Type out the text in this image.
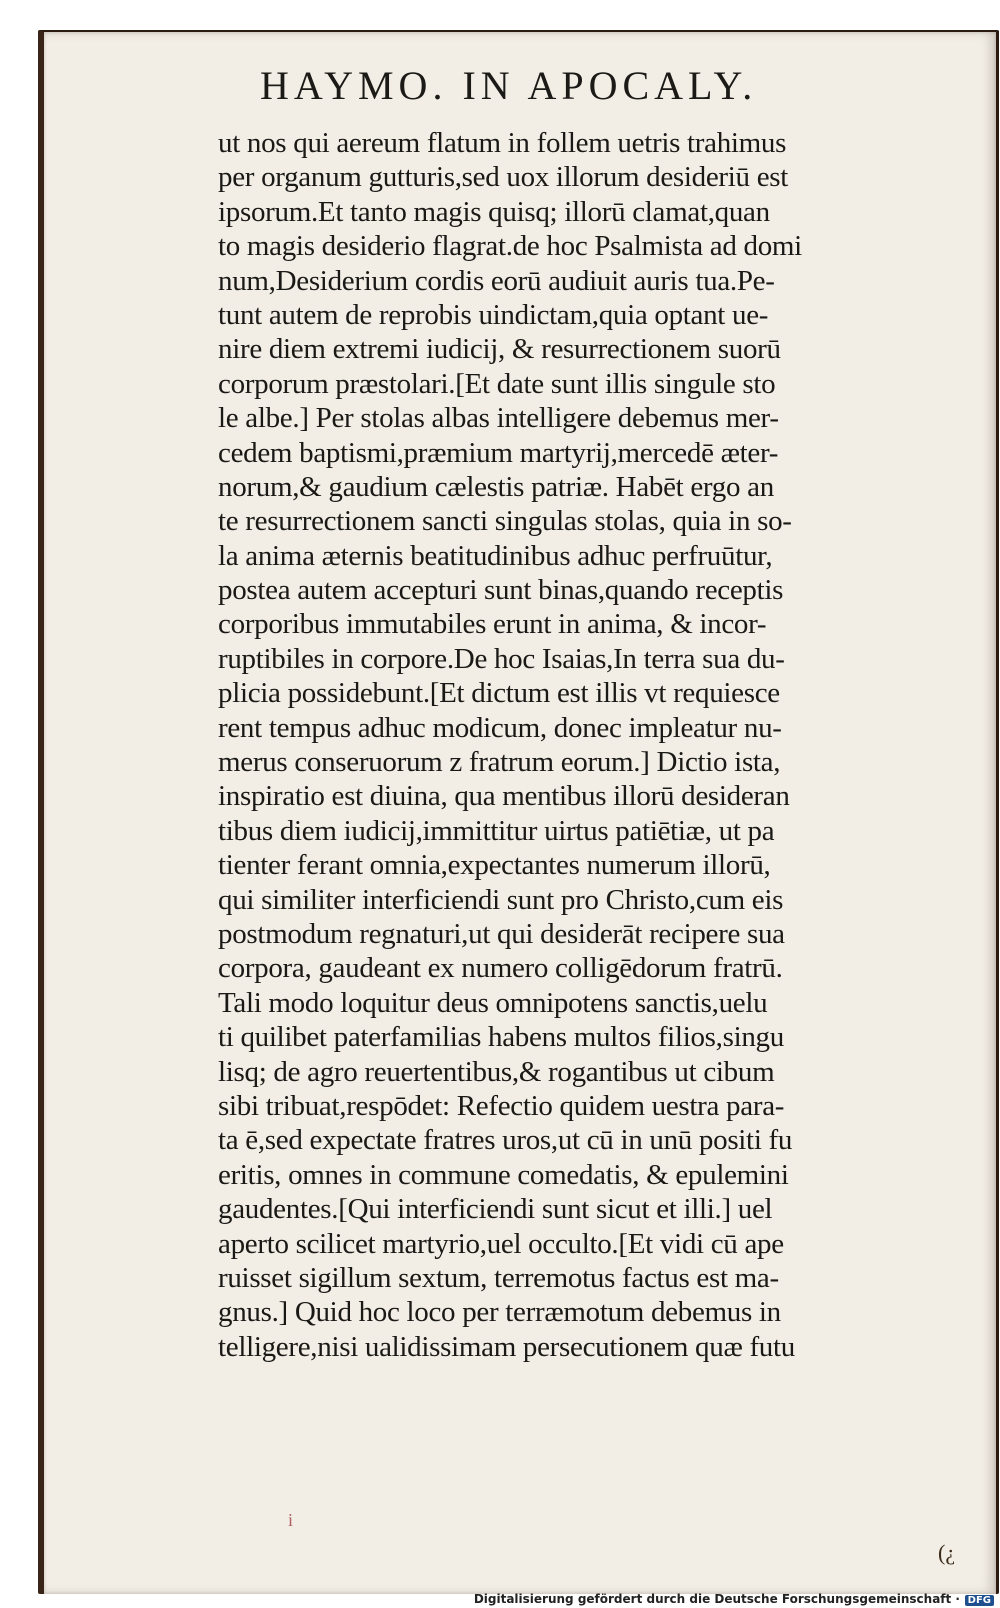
HAYMO. IN APOCALY.
ut nos qui aereum flatum in follem uetris trahimus
per organum gutturis,sed uox illorum desideriū est
ipsorum.Et tanto magis quisq; illorū clamat,quan
to magis desiderio flagrat.de hoc Psalmista ad domi
num,Desiderium cordis eorū audiuit auris tua.Pe-
tunt autem de reprobis uindictam,quia optant ue-
nire diem extremi iudicij, & resurrectionem suorū
corporum præstolari.[Et date sunt illis singule sto
le albe.] Per stolas albas intelligere debemus mer-
cedem baptismi,præmium martyrij,mercedē æter-
norum,& gaudium cælestis patriæ. Habēt ergo an
te resurrectionem sancti singulas stolas, quia in so-
la anima æternis beatitudinibus adhuc perfruūtur,
postea autem accepturi sunt binas,quando receptis
corporibus immutabiles erunt in anima, & incor-
ruptibiles in corpore.De hoc Isaias,In terra sua du-
plicia possidebunt.[Et dictum est illis vt requiesce
rent tempus adhuc modicum, donec impleatur nu-
merus conseruorum z fratrum eorum.] Dictio ista,
inspiratio est diuina, qua mentibus illorū desideran
tibus diem iudicij,immittitur uirtus patiētiæ, ut pa
tienter ferant omnia,expectantes numerum illorū,
qui similiter interficiendi sunt pro Christo,cum eis
postmodum regnaturi,ut qui desiderāt recipere sua
corpora, gaudeant ex numero colligēdorum fratrū.
Tali modo loquitur deus omnipotens sanctis,uelu
ti quilibet paterfamilias habens multos filios,singu
lisq; de agro reuertentibus,& rogantibus ut cibum
sibi tribuat,respōdet: Refectio quidem uestra para-
ta ē,sed expectate fratres uros,ut cū in unū positi fu
eritis, omnes in commune comedatis, & epulemini
gaudentes.[Qui interficiendi sunt sicut et illi.] uel
aperto scilicet martyrio,uel occulto.[Et vidi cū ape
ruisset sigillum sextum, terremotus factus est ma-
gnus.] Quid hoc loco per terræmotum debemus in
telligere,nisi ualidissimam persecutionem quæ futu
i
(¿
Digitalisierung gefördert durch die Deutsche Forschungsgemeinschaft · DFG
